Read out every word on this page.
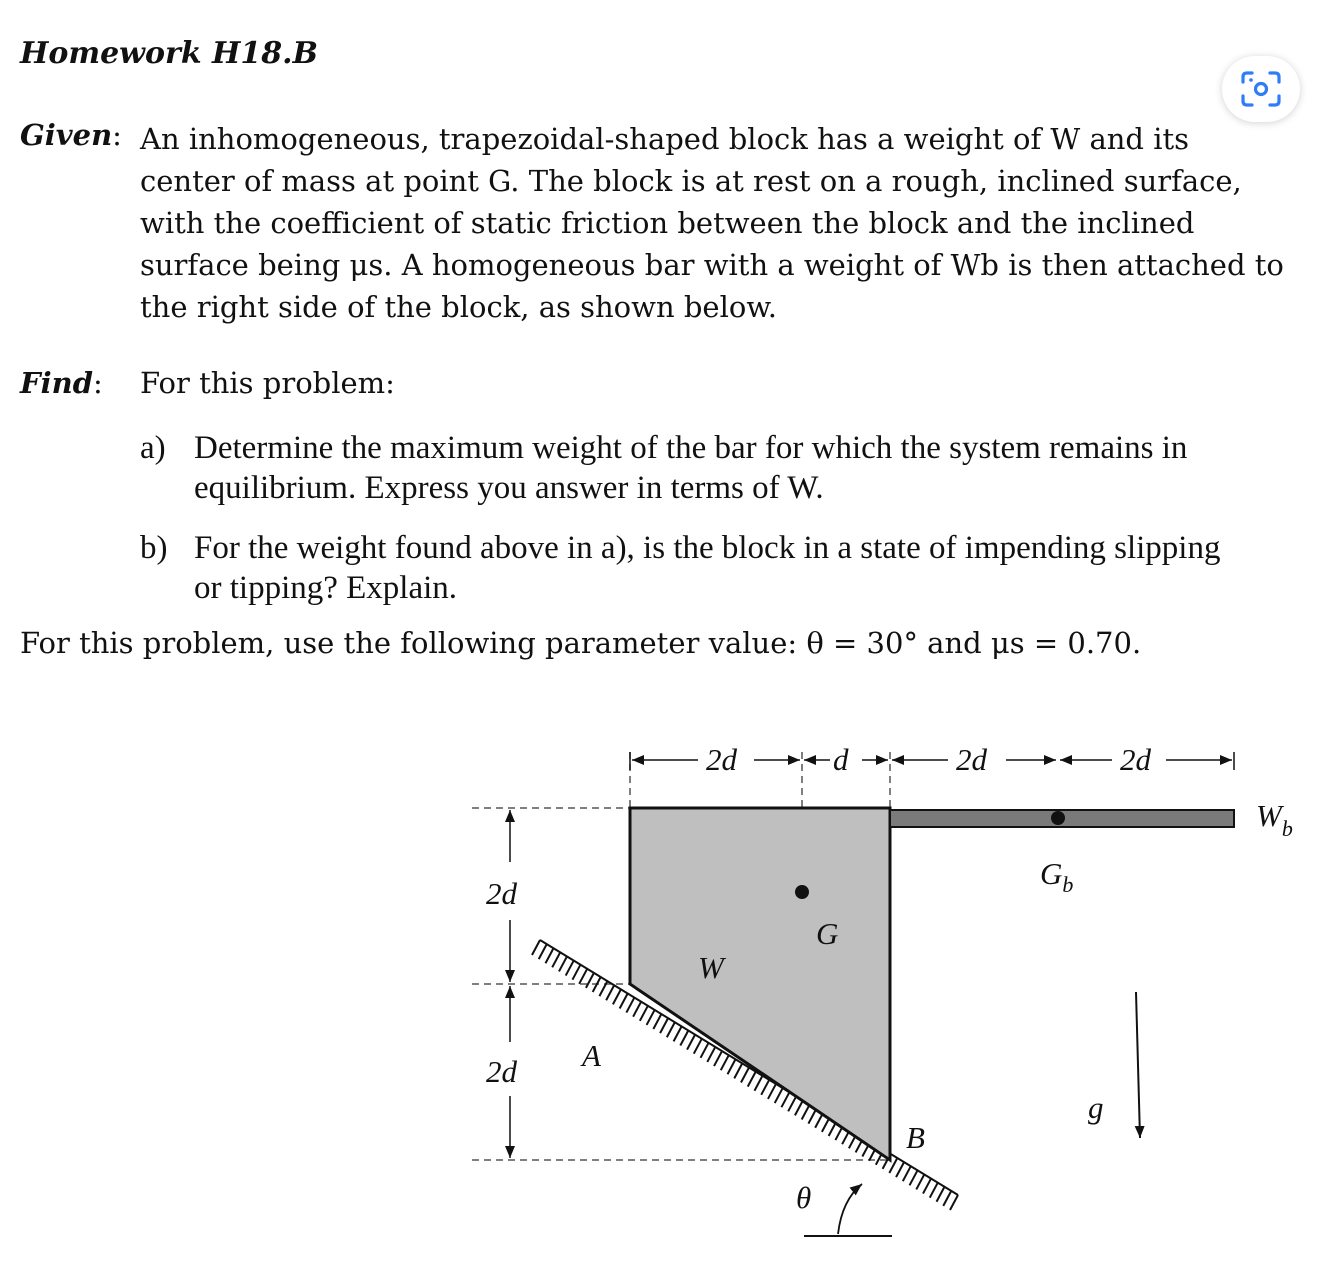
Homework H18.B
Given: An inhomogeneous, trapezoidal-shaped block has a weight of W and its
center of mass at point G. The block is at rest on a rough, inclined surface,
with the coefficient of static friction between the block and the inclined
surface being μs. A homogeneous bar with a weight of Wb is then attached to
the right side of the block, as shown below.
Find: For this problem:
a) Determine the maximum weight of the bar for which the system remains in
equilibrium. Express you answer in terms of W.
b) For the weight found above in a), is the block in a state of impending slipping
or tipping? Explain.
For this problem, use the following parameter value: θ = 30° and μs = 0.70.
2d	d	2d	2d
2d
2d A
B
G
W
$G_b$
$W_b$
g
θ
